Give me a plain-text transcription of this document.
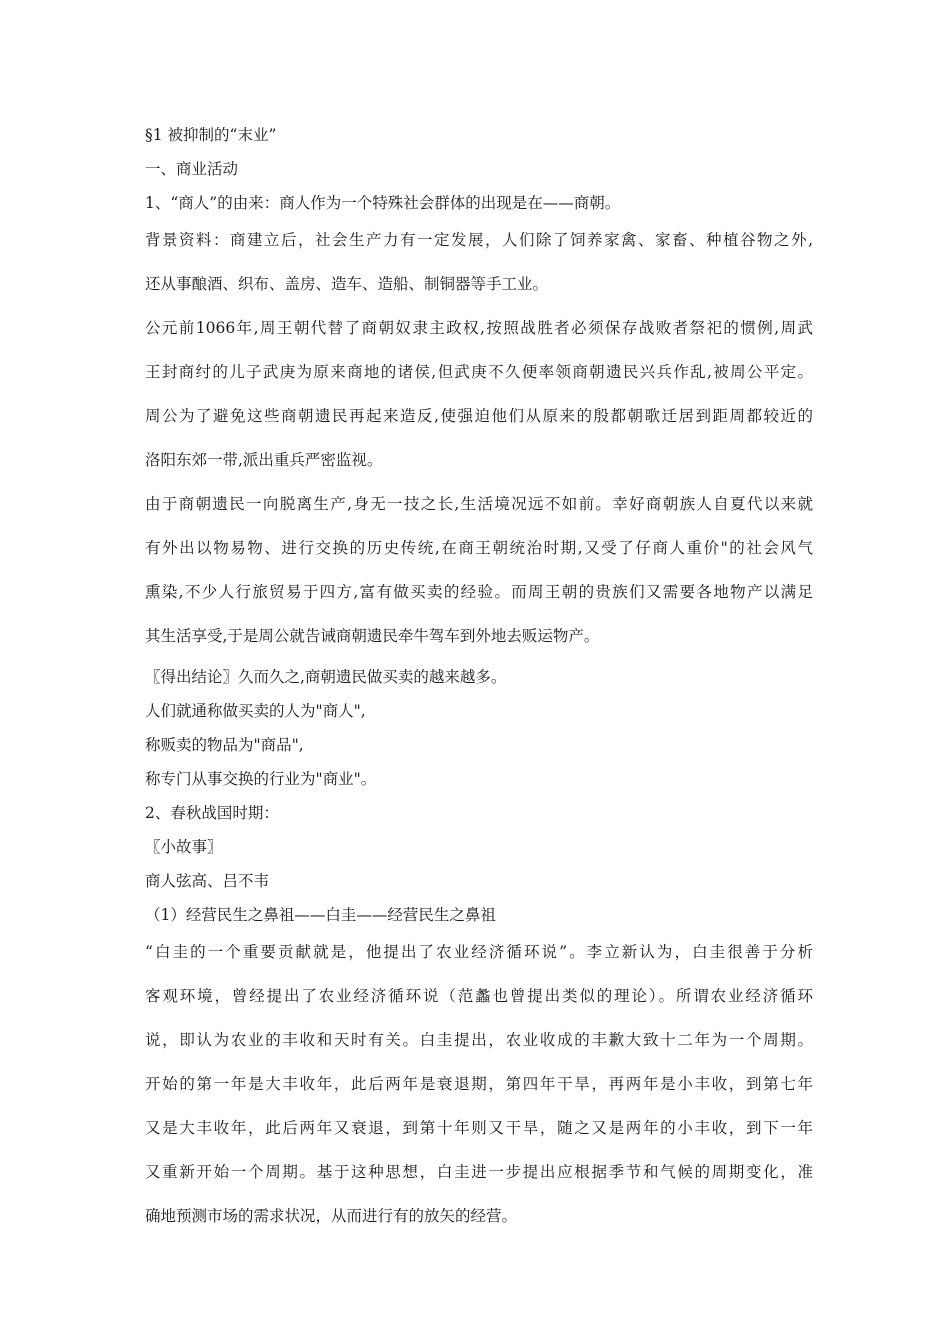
§1 被抑制的“末业”
一、商业活动
1、“商人”的由来：商人作为一个特殊社会群体的出现是在——商朝。
背景资料：商建立后，社会生产力有一定发展，人们除了饲养家禽、家畜、种植谷物之外,
还从事酿酒、织布、盖房、造车、造船、制铜器等手工业。
公元前1066年,周王朝代替了商朝奴隶主政权,按照战胜者必须保存战败者祭祀的惯例,周武
王封商纣的儿子武庚为原来商地的诸侯,但武庚不久便率领商朝遗民兴兵作乱,被周公平定。
周公为了避免这些商朝遗民再起来造反,使强迫他们从原来的殷都朝歌迁居到距周都较近的
洛阳东郊一带,派出重兵严密监视。
由于商朝遗民一向脱离生产,身无一技之长,生活境况远不如前。幸好商朝族人自夏代以来就
有外出以物易物、进行交换的历史传统,在商王朝统治时期,又受了仔商人重价"的社会风气
熏染,不少人行旅贸易于四方,富有做买卖的经验。而周王朝的贵族们又需要各地物产以满足
其生活享受,于是周公就告诫商朝遗民牵牛驾车到外地去贩运物产。
〖得出结论〗久而久之,商朝遗民做买卖的越来越多。
人们就通称做买卖的人为"商人",
称贩卖的物品为"商品",
称专门从事交换的行业为"商业"。
2、春秋战国时期：
〖小故事〗
商人弦高、吕不韦
（1）经营民生之鼻祖——白圭——经营民生之鼻祖
“白圭的一个重要贡献就是，他提出了农业经济循环说”。李立新认为，白圭很善于分析
客观环境，曾经提出了农业经济循环说（范蠡也曾提出类似的理论）。所谓农业经济循环
说，即认为农业的丰收和天时有关。白圭提出，农业收成的丰歉大致十二年为一个周期。
开始的第一年是大丰收年，此后两年是衰退期，第四年干旱，再两年是小丰收，到第七年
又是大丰收年，此后两年又衰退，到第十年则又干旱，随之又是两年的小丰收，到下一年
又重新开始一个周期。基于这种思想，白圭进一步提出应根据季节和气候的周期变化，准
确地预测市场的需求状况，从而进行有的放矢的经营。
